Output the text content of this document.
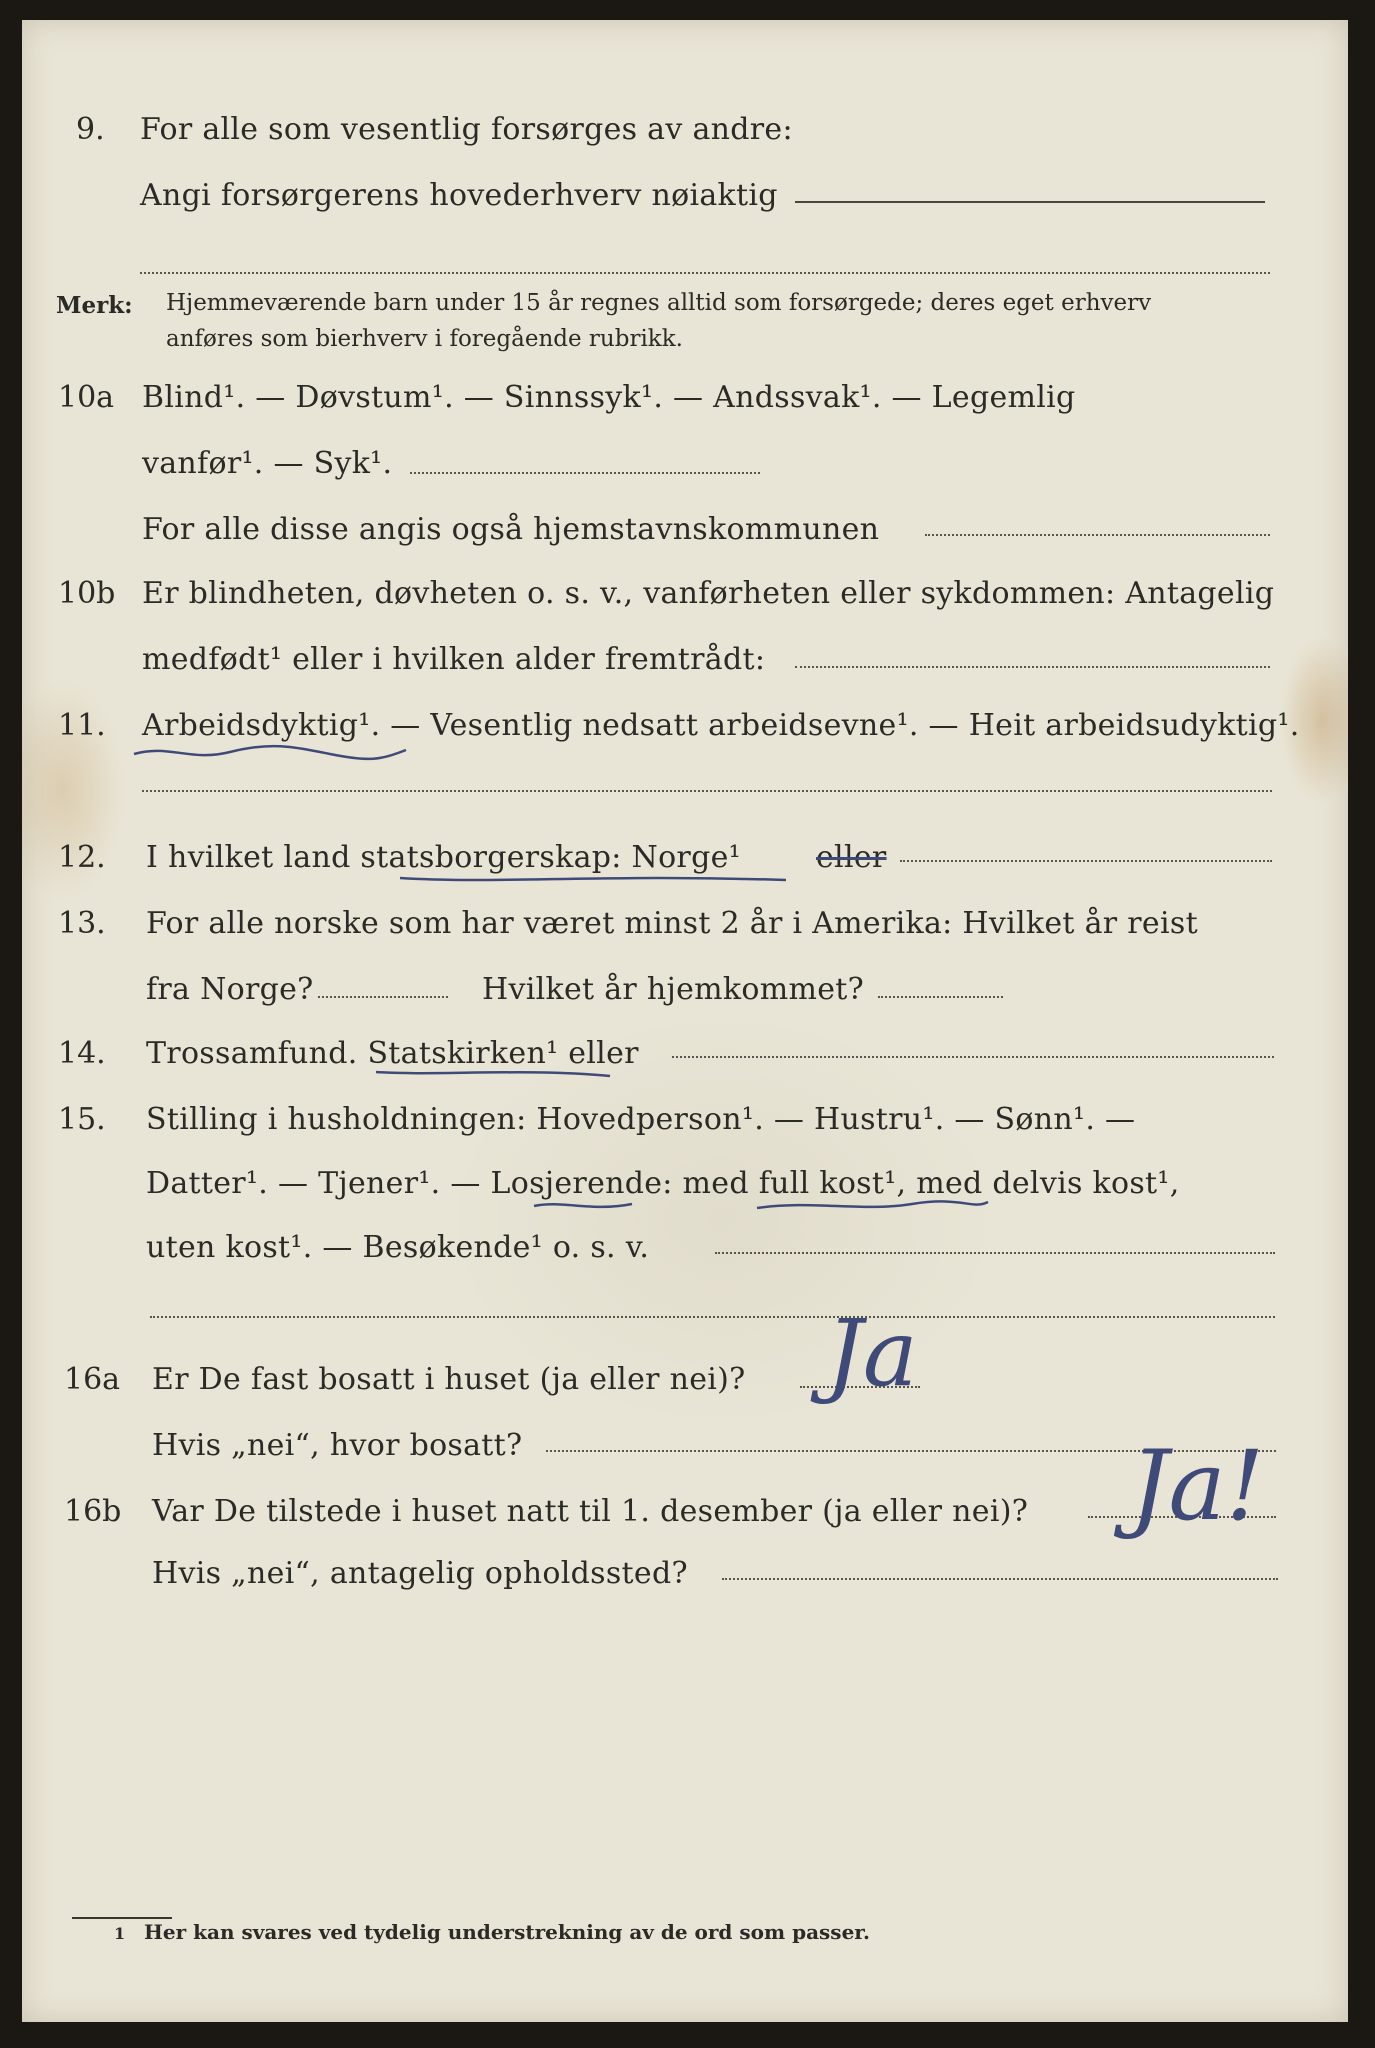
9. For alle som vesentlig forsørges av andre:
Angi forsørgerens hovederhverv nøiaktig
Merk: Hjemmeværende barn under 15 år regnes alltid som forsørgede; deres eget erhverv
anføres som bierhverv i foregående rubrikk.
10a Blind¹. — Døvstum¹. — Sinnssyk¹. — Andssvak¹. — Legemlig
vanfør¹. — Syk¹.
For alle disse angis også hjemstavnskommunen
10b Er blindheten, døvheten o. s. v., vanførheten eller sykdommen: Antagelig
medfødt¹ eller i hvilken alder fremtrådt:
11. Arbeidsdyktig¹. — Vesentlig nedsatt arbeidsevne¹. — Heit arbeidsudyktig¹.
12. I hvilket land statsborgerskap: Norge¹	eller
13. For alle norske som har været minst 2 år i Amerika: Hvilket år reist
fra Norge?	Hvilket år hjemkommet?
14. Trossamfund. Statskirken¹ eller
15. Stilling i husholdningen: Hovedperson¹. — Hustru¹. — Sønn¹. —
Datter¹. — Tjener¹. — Losjerende: med full kost¹, med delvis kost¹,
uten kost¹. — Besøkende¹ o. s. v.
16a Er De fast bosatt i huset (ja eller nei)? Ja
Hvis „nei“, hvor bosatt?
16b Var De tilstede i huset natt til 1. desember (ja eller nei)? Ja!
Hvis „nei“, antagelig opholdssted?
1 Her kan svares ved tydelig understrekning av de ord som passer.
